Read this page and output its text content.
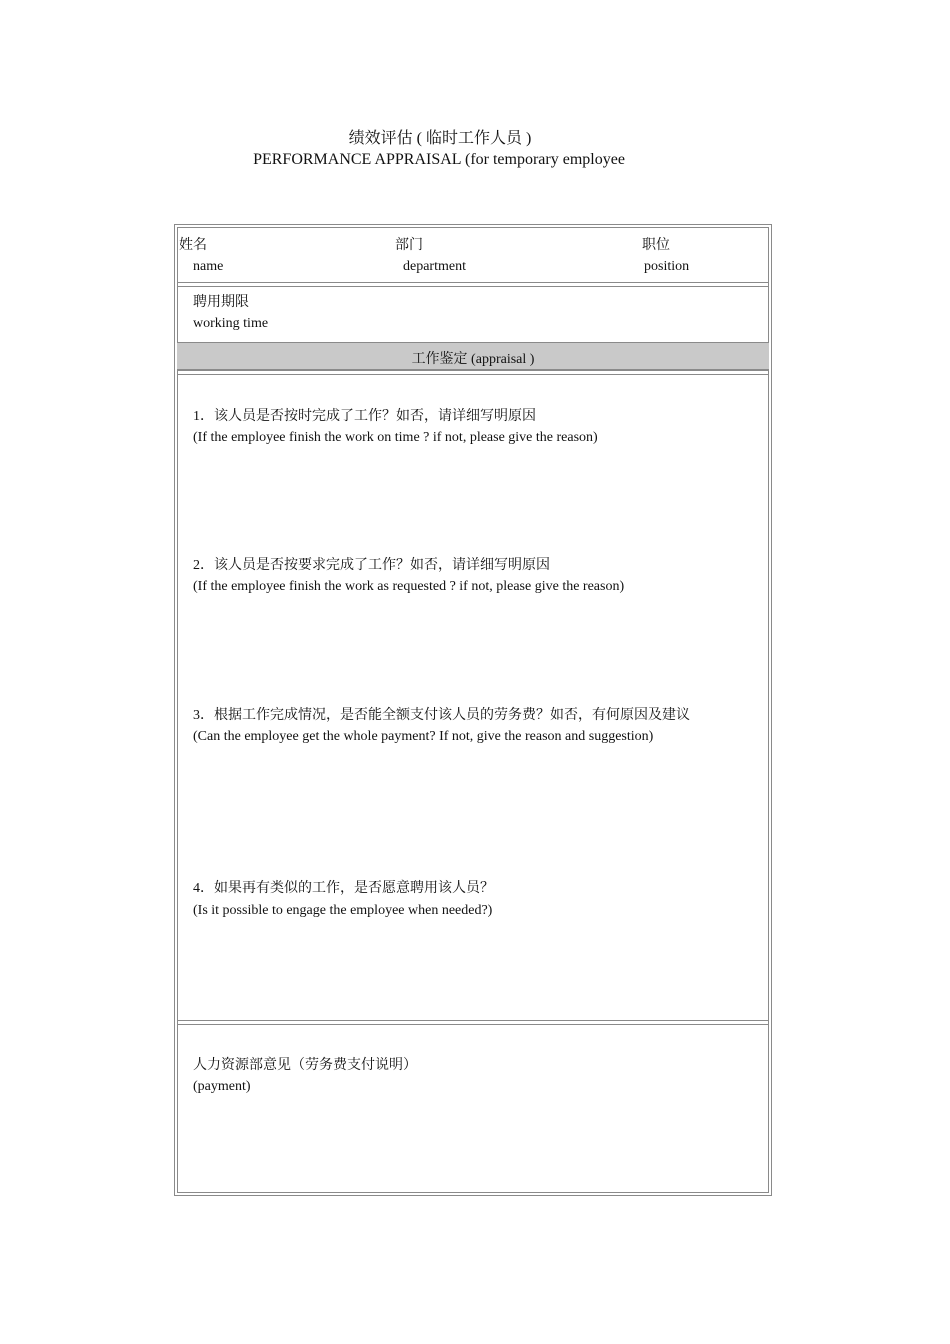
绩效评估 ( 临时工作人员 )
PERFORMANCE APPRAISAL (for temporary employee
姓名
name
部门
department
职位
position
聘用期限
working time
工作鉴定 (appraisal )
1．该人员是否按时完成了工作？如否，请详细写明原因
(If the employee finish the work on time ? if not, please give the reason)
2．该人员是否按要求完成了工作？如否，请详细写明原因
(If the employee finish the work as requested ? if not, please give the reason)
3．根据工作完成情况，是否能全额支付该人员的劳务费？如否，有何原因及建议
(Can the employee get the whole payment? If not, give the reason and suggestion)
4．如果再有类似的工作，是否愿意聘用该人员？
(Is it possible to engage the employee when needed?)
人力资源部意见（劳务费支付说明）
(payment)
